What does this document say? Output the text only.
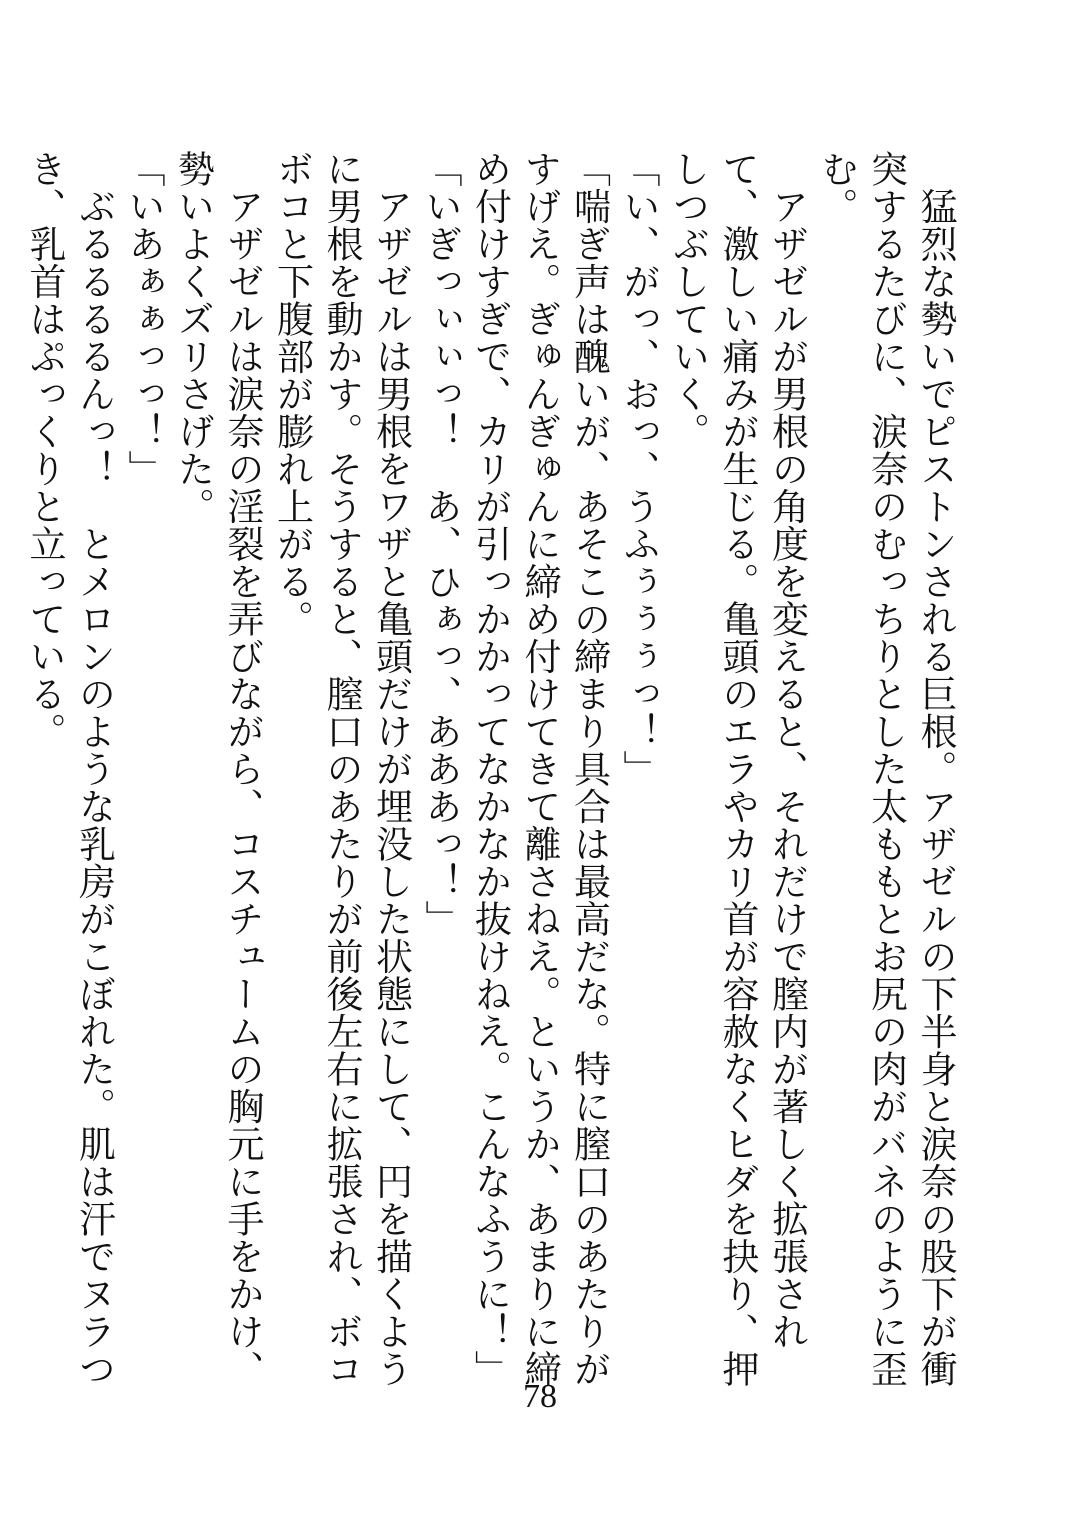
　猛烈な勢いでピストンされる巨根。アザゼルの下半身と涙奈の股下が衝突するたびに、涙奈のむっちりとした太ももとお尻の肉がバネのように歪む。

　アザゼルが男根の角度を変えると、それだけで膣内が著しく拡張されて、激しい痛みが生じる。亀頭のエラやカリ首が容赦なくヒダを抉り、押しつぶしていく。

「い、がっ、おっ、うふぅぅぅっ！」

「喘ぎ声は醜いが、あそこの締まり具合は最高だな。特に膣口のあたりがすげえ。ぎゅんぎゅんに締め付けてきて離さねえ。というか、あまりに締め付けすぎで、カリが引っかかってなかなか抜けねえ。こんなふうに！」

「いぎっぃぃっ！　あ、ひぁっ、あああっ！」

　アザゼルは男根をワザと亀頭だけが埋没した状態にして、円を描くように男根を動かす。そうすると、膣口のあたりが前後左右に拡張され、ボコボコと下腹部が膨れ上がる。

　アザゼルは涙奈の淫裂を弄びながら、コスチュームの胸元に手をかけ、勢いよくズリさげた。

「いあぁぁっっ！」

　ぶるるるるんっ！　とメロンのような乳房がこぼれた。肌は汗でヌラつき、乳首はぷっくりと立っている。

78
